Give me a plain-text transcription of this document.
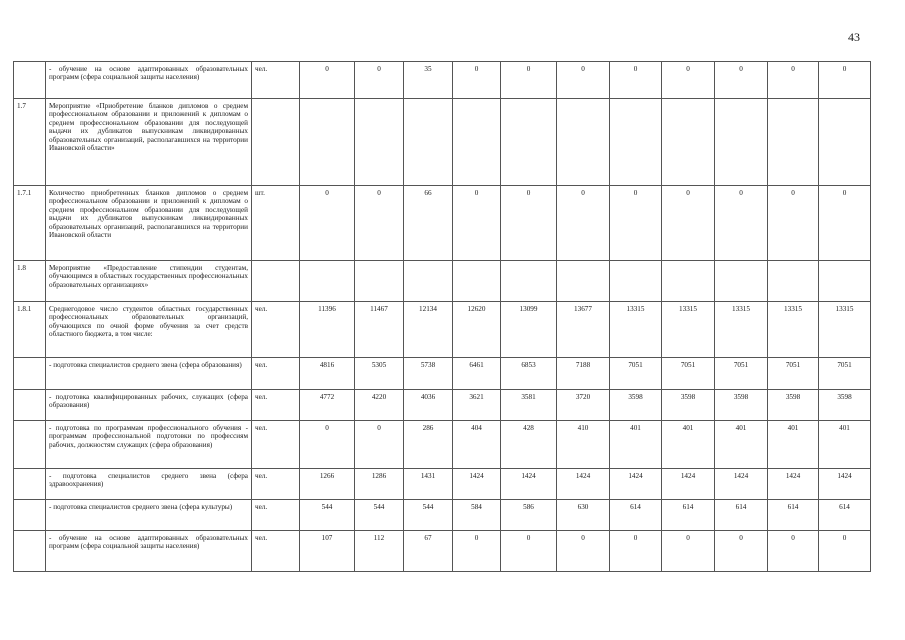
43
	- обучение на основе адаптированных образовательных программ (сфера социальной защиты населения)	чел.	0	0	35	0	0	0	0	0	0	0	0
1.7	Мероприятие «Приобретение бланков дипломов о среднем профессиональном образовании и приложений к дипломам о среднем профессиональном образовании для последующей выдачи их дубликатов выпускникам ликвидированных образовательных организаций, располагавшихся на территории Ивановской области»												
1.7.1	Количество приобретенных бланков дипломов о среднем профессиональном образовании и приложений к дипломам о среднем профессиональном образовании для последующей выдачи их дубликатов выпускникам ликвидированных образовательных организаций, располагавшихся на территории Ивановской области	шт.	0	0	66	0	0	0	0	0	0	0	0
1.8	Мероприятие «Предоставление стипендии студентам, обучающимся в областных государственных профессиональных образовательных организациях»												
1.8.1	Среднегодовое число студентов областных государственных профессиональных образовательных организаций, обучающихся по очной форме обучения за счет средств областного бюджета, в том числе:	чел.	11396	11467	12134	12620	13099	13677	13315	13315	13315	13315	13315
	- подготовка специалистов среднего звена (сфера образования)	чел.	4816	5305	5738	6461	6853	7188	7051	7051	7051	7051	7051
	- подготовка квалифицированных рабочих, служащих (сфера образования)	чел.	4772	4220	4036	3621	3581	3720	3598	3598	3598	3598	3598
	- подготовка по программам профессионального обучения - программам профессиональной подготовки по профессиям рабочих, должностям служащих (сфера образования)	чел.	0	0	286	404	428	410	401	401	401	401	401
	- подготовка специалистов среднего звена (сфера здравоохранения)	чел.	1266	1286	1431	1424	1424	1424	1424	1424	1424	1424	1424
	- подготовка специалистов среднего звена (сфера культуры)	чел.	544	544	544	584	586	630	614	614	614	614	614
	- обучение на основе адаптированных образовательных программ (сфера социальной защиты населения)	чел.	107	112	67	0	0	0	0	0	0	0	0
